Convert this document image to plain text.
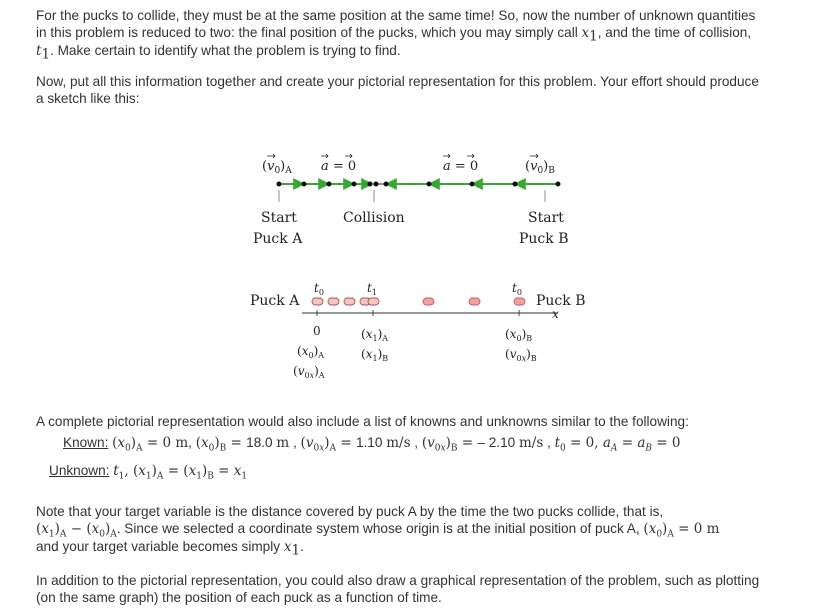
For the pucks to collide, they must be at the same position at the same time! So, now the number of unknown quantities

in this problem is reduced to two: the final position of the pucks, which you may simply call $x_1$, and the time of collision,

$t_1$. Make certain to identify what the problem is trying to find.

Now, put all this information together and create your pictorial representation for this problem. Your effort should produce

a sketch like this:

$(v_0)_A$ a = 0	a = 0	$(v_0)_B$
Start
Puck A
Collision	Start
Puck B
$t_0$	$t_1$	$t_0$
Puck A	Puck B
x
0
$(x_0)_A$
$(v_{0x})_A$
$(x_1)_A$
$(x_1)_B$
$(x_0)_B$
$(v_{0x})_B$

A complete pictorial representation would also include a list of knowns and unknowns similar to the following:

Known: $(x_0)_A = 0$ m, $(x_0)_B = 18.0$ m , $(v_{0x})_A = 1.10$ m/s , $(v_{0x})_B$ = – 2.10 m/s , $t_0 = 0$, $a_A = a_B = 0$

Unknown: $t_1$, $(x_1)_A = (x_1)_B = x_1$

Note that your target variable is the distance covered by puck A by the time the two pucks collide, that is,

$(x_1)_A - (x_0)_A$. Since we selected a coordinate system whose origin is at the initial position of puck A, $(x_0)_A = 0$ m

and your target variable becomes simply $x_1$.

In addition to the pictorial representation, you could also draw a graphical representation of the problem, such as plotting

(on the same graph) the position of each puck as a function of time.
